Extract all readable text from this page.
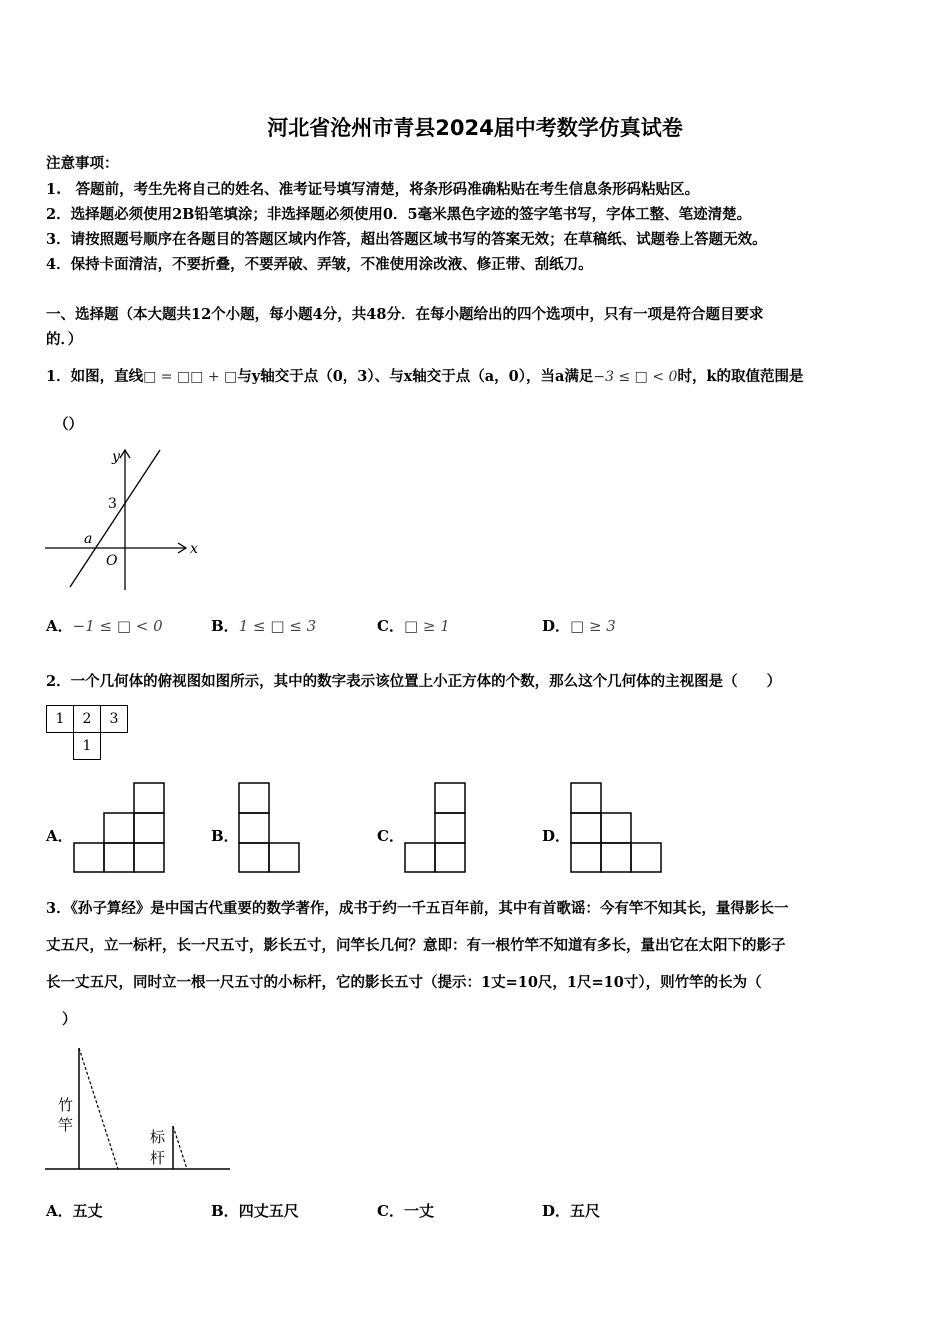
河北省沧州市青县2024届中考数学仿真试卷
注意事项：
1.　答题前，考生先将自己的姓名、准考证号填写清楚，将条形码准确粘贴在考生信息条形码粘贴区。
2．选择题必须使用2B铅笔填涂；非选择题必须使用0．5毫米黑色字迹的签字笔书写，字体工整、笔迹清楚。
3．请按照题号顺序在各题目的答题区域内作答，超出答题区域书写的答案无效；在草稿纸、试题卷上答题无效。
4．保持卡面清洁，不要折叠，不要弄破、弄皱，不准使用涂改液、修正带、刮纸刀。
一、选择题（本大题共12个小题，每小题4分，共48分．在每小题给出的四个选项中，只有一项是符合题目要求
的．）
1．如图，直线□ = □□ + □与y轴交于点（0，3）、与x轴交于点（a，0），当a满足−3 ≤ □ < 0时，k的取值范围是
（）
y
x
3
a
O
A．−1 ≤ □ < 0	B．1 ≤ □ ≤ 3	C．□ ≥ 1	D．□ ≥ 3
2．一个几何体的俯视图如图所示，其中的数字表示该位置上小正方体的个数，那么这个几何体的主视图是（　　）
1	2	3
	1	
A．	B．	C．	D．
3．《孙子算经》是中国古代重要的数学著作，成书于约一千五百年前，其中有首歌谣：今有竿不知其长，量得影长一
丈五尺，立一标杆，长一尺五寸，影长五寸，问竿长几何？意即：有一根竹竿不知道有多长，量出它在太阳下的影子
长一丈五尺，同时立一根一尺五寸的小标杆，它的影长五寸（提示：1丈=10尺，1尺=10寸），则竹竿的长为（
）
竹
竿
标
杆
A．五丈	B．四丈五尺	C．一丈	D．五尺
